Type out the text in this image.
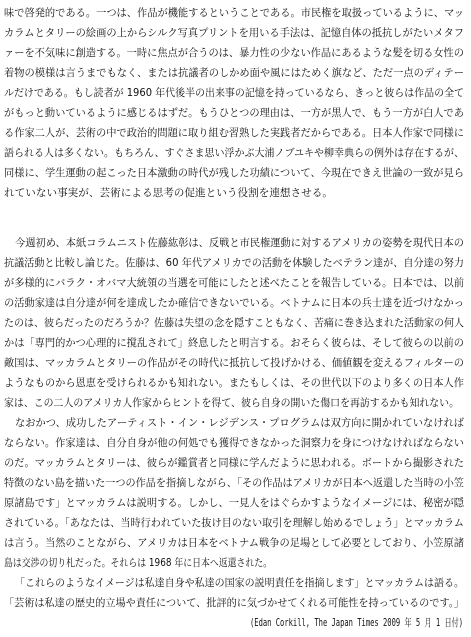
味で啓発的である。一つは、作品が機能するということである。市民権を取扱っているように、マッ
カラムとタリーの絵画の上からシルク写真プリントを用いる手法は、記憶自体の抵抗しがたいメタフ
ァーを不気味に創造する。一時に焦点が合うのは、暴力性の少ない作品にあるような髪を切る女性の
着物の模様は言うまでもなく、または抗議者のしかめ面や風にはためく旗など、ただ一点のディテー
ルだけである。もし読者が 1960 年代後半の出来事の記憶を持っているなら、きっと彼らは作品の全て
がもっと動いているように感じるはずだ。もうひとつの理由は、一方が黒人で、もう一方が白人であ
る作家二人が、芸術の中で政治的問題に取り組む習熟した実践者だからである。日本人作家で同様に
語られる人は多くない。もちろん、すぐさま思い浮かぶ大浦ノブユキや柳幸典らの例外は存在するが、
同様に、学生運動の起こった日本激動の時代が残した功績について、今現在できえ世論の一致が見ら
れていない事実が、芸術による思考の促進という役割を連想させる。
今週初め、本紙コラムニスト佐藤紘彰は、反戦と市民権運動に対するアメリカの姿勢を現代日本の
抗議活動と比較し論じた。佐藤は、60 年代アメリカでの活動を体験したベテラン達が、自分達の努力
が多様的にバラク・オバマ大統領の当選を可能にしたと述べたことを報告している。日本では、以前
の活動家達は自分達が何を達成したか確信できないでいる。ベトナムに日本の兵士達を近づけなかっ
たのは、彼らだったのだろうか？佐藤は失望の念を隠すこともなく、苦痛に巻き込まれた活動家の何人
かは「専門的かつ心理的に撹乱されて」終息したと明言する。おそらく彼らは、そして彼らの以前の
敵国は、マッカラムとタリーの作品がその時代に抵抗して投げかける、価値観を変えるフィルターの
ようなものから恩恵を受けられるかも知れない。またもしくは、その世代以下のより多くの日本人作
家は、この二人のアメリカ人作家からヒントを得て、彼ら自身の開いた傷口を再訪するかも知れない。
なおかつ、成功したアーティスト・イン・レジデンス・プログラムは双方向に開かれていなければ
ならない。作家達は、自分自身が他の何処でも獲得できなかった洞察力を身につけなければならない
のだ。マッカラムとタリーは、彼らが鑑賞者と同様に学んだように思われる。ボートから撮影された
特徴のない島を描いた一つの作品を指摘しながら、「その作品はアメリカが日本へ返還した当時の小笠
原諸島です」とマッカラムは説明する。しかし、一見人をはぐらかすようなイメージには、秘密が隠
されている。「あなたは、当時行われていた抜け目のない取引を理解し始めるでしょう」とマッカラム
は言う。当然のことながら、アメリカは日本をベトナム戦争の足場として必要としており、小笠原諸
島は交渉の切り札だった。それらは 1968 年に日本へ返還された。
「これらのようなイメージは私達自身や私達の国家の説明責任を指摘します」とマッカラムは語る。
「芸術は私達の歴史的立場や責任について、批評的に気づかせてくれる可能性を持っているのです。」
(Edan Corkill, The Japan Times 2009 年 5 月 1 日付)
